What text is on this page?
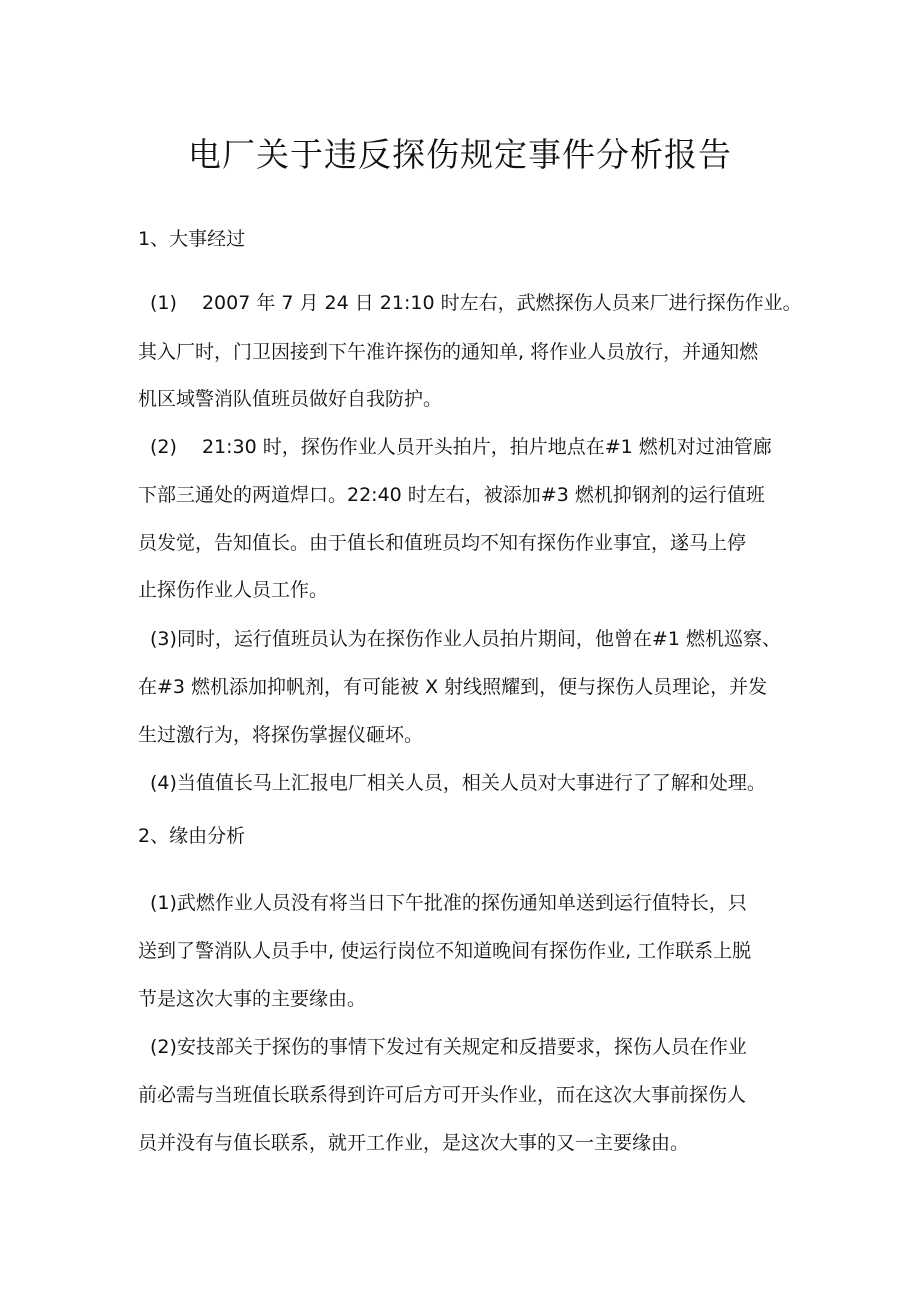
电厂关于违反探伤规定事件分析报告
1、大事经过
(1)  2007 年 7 月 24 日 21:10 时左右，武燃探伤人员来厂进行探伤作业。
其入厂时，门卫因接到下午准许探伤的通知单, 将作业人员放行，并通知燃
机区域警消队值班员做好自我防护。
(2)  21:30 时，探伤作业人员开头拍片，拍片地点在#1 燃机对过油管廊
下部三通处的两道焊口。22:40 时左右，被添加#3 燃机抑钢剂的运行值班
员发觉，告知值长。由于值长和值班员均不知有探伤作业事宜，遂马上停
止探伤作业人员工作。
(3)同时，运行值班员认为在探伤作业人员拍片期间，他曾在#1 燃机巡察、
在#3 燃机添加抑帆剂，有可能被 X 射线照耀到，便与探伤人员理论，并发
生过激行为，将探伤掌握仪砸坏。
(4)当值值长马上汇报电厂相关人员，相关人员对大事进行了了解和处理。
2、缘由分析
(1)武燃作业人员没有将当日下午批准的探伤通知单送到运行值特长，只
送到了警消队人员手中, 使运行岗位不知道晚间有探伤作业, 工作联系上脱
节是这次大事的主要缘由。
(2)安技部关于探伤的事情下发过有关规定和反措要求，探伤人员在作业
前必需与当班值长联系得到许可后方可开头作业，而在这次大事前探伤人
员并没有与值长联系，就开工作业，是这次大事的又一主要缘由。
